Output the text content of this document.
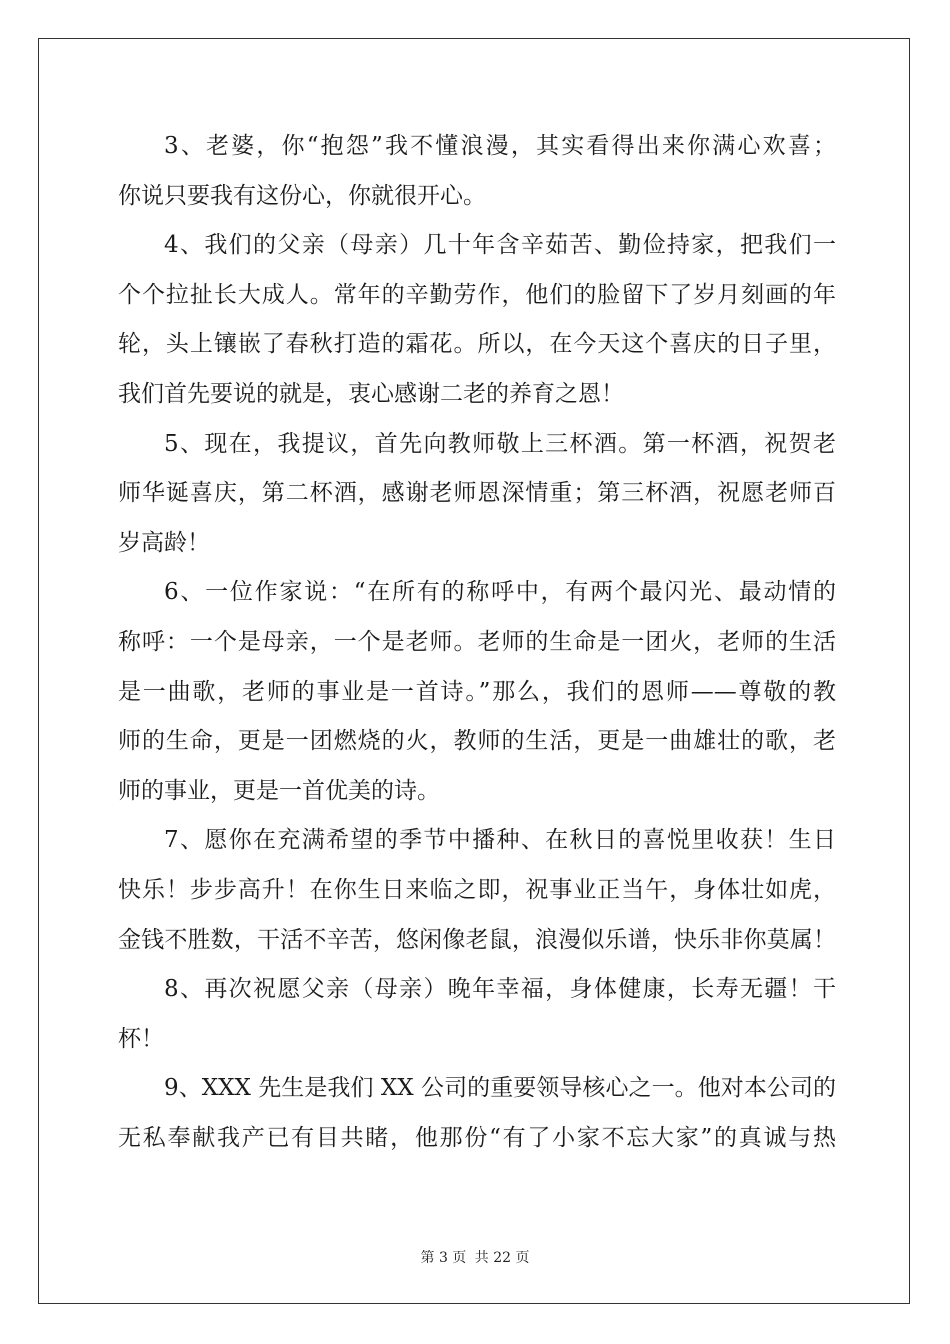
3、老婆，你“抱怨”我不懂浪漫，其实看得出来你满心欢喜；
你说只要我有这份心，你就很开心。
4、我们的父亲（母亲）几十年含辛茹苦、勤俭持家，把我们一
个个拉扯长大成人。常年的辛勤劳作，他们的脸留下了岁月刻画的年
轮，头上镶嵌了春秋打造的霜花。所以，在今天这个喜庆的日子里，
我们首先要说的就是，衷心感谢二老的养育之恩！
5、现在，我提议，首先向教师敬上三杯酒。第一杯酒，祝贺老
师华诞喜庆，第二杯酒，感谢老师恩深情重；第三杯酒，祝愿老师百
岁高龄！
6、一位作家说：“在所有的称呼中，有两个最闪光、最动情的
称呼：一个是母亲，一个是老师。老师的生命是一团火，老师的生活
是一曲歌，老师的事业是一首诗。”那么，我们的恩师——尊敬的教
师的生命，更是一团燃烧的火，教师的生活，更是一曲雄壮的歌，老
师的事业，更是一首优美的诗。
7、愿你在充满希望的季节中播种、在秋日的喜悦里收获！生日
快乐！步步高升！在你生日来临之即，祝事业正当午，身体壮如虎，
金钱不胜数，干活不辛苦，悠闲像老鼠，浪漫似乐谱，快乐非你莫属！
8、再次祝愿父亲（母亲）晚年幸福，身体健康，长寿无疆！干
杯！
9、XXX 先生是我们 XX 公司的重要领导核心之一。他对本公司的
无私奉献我产已有目共睹，他那份“有了小家不忘大家”的真诚与热
第 3 页 共 22 页
